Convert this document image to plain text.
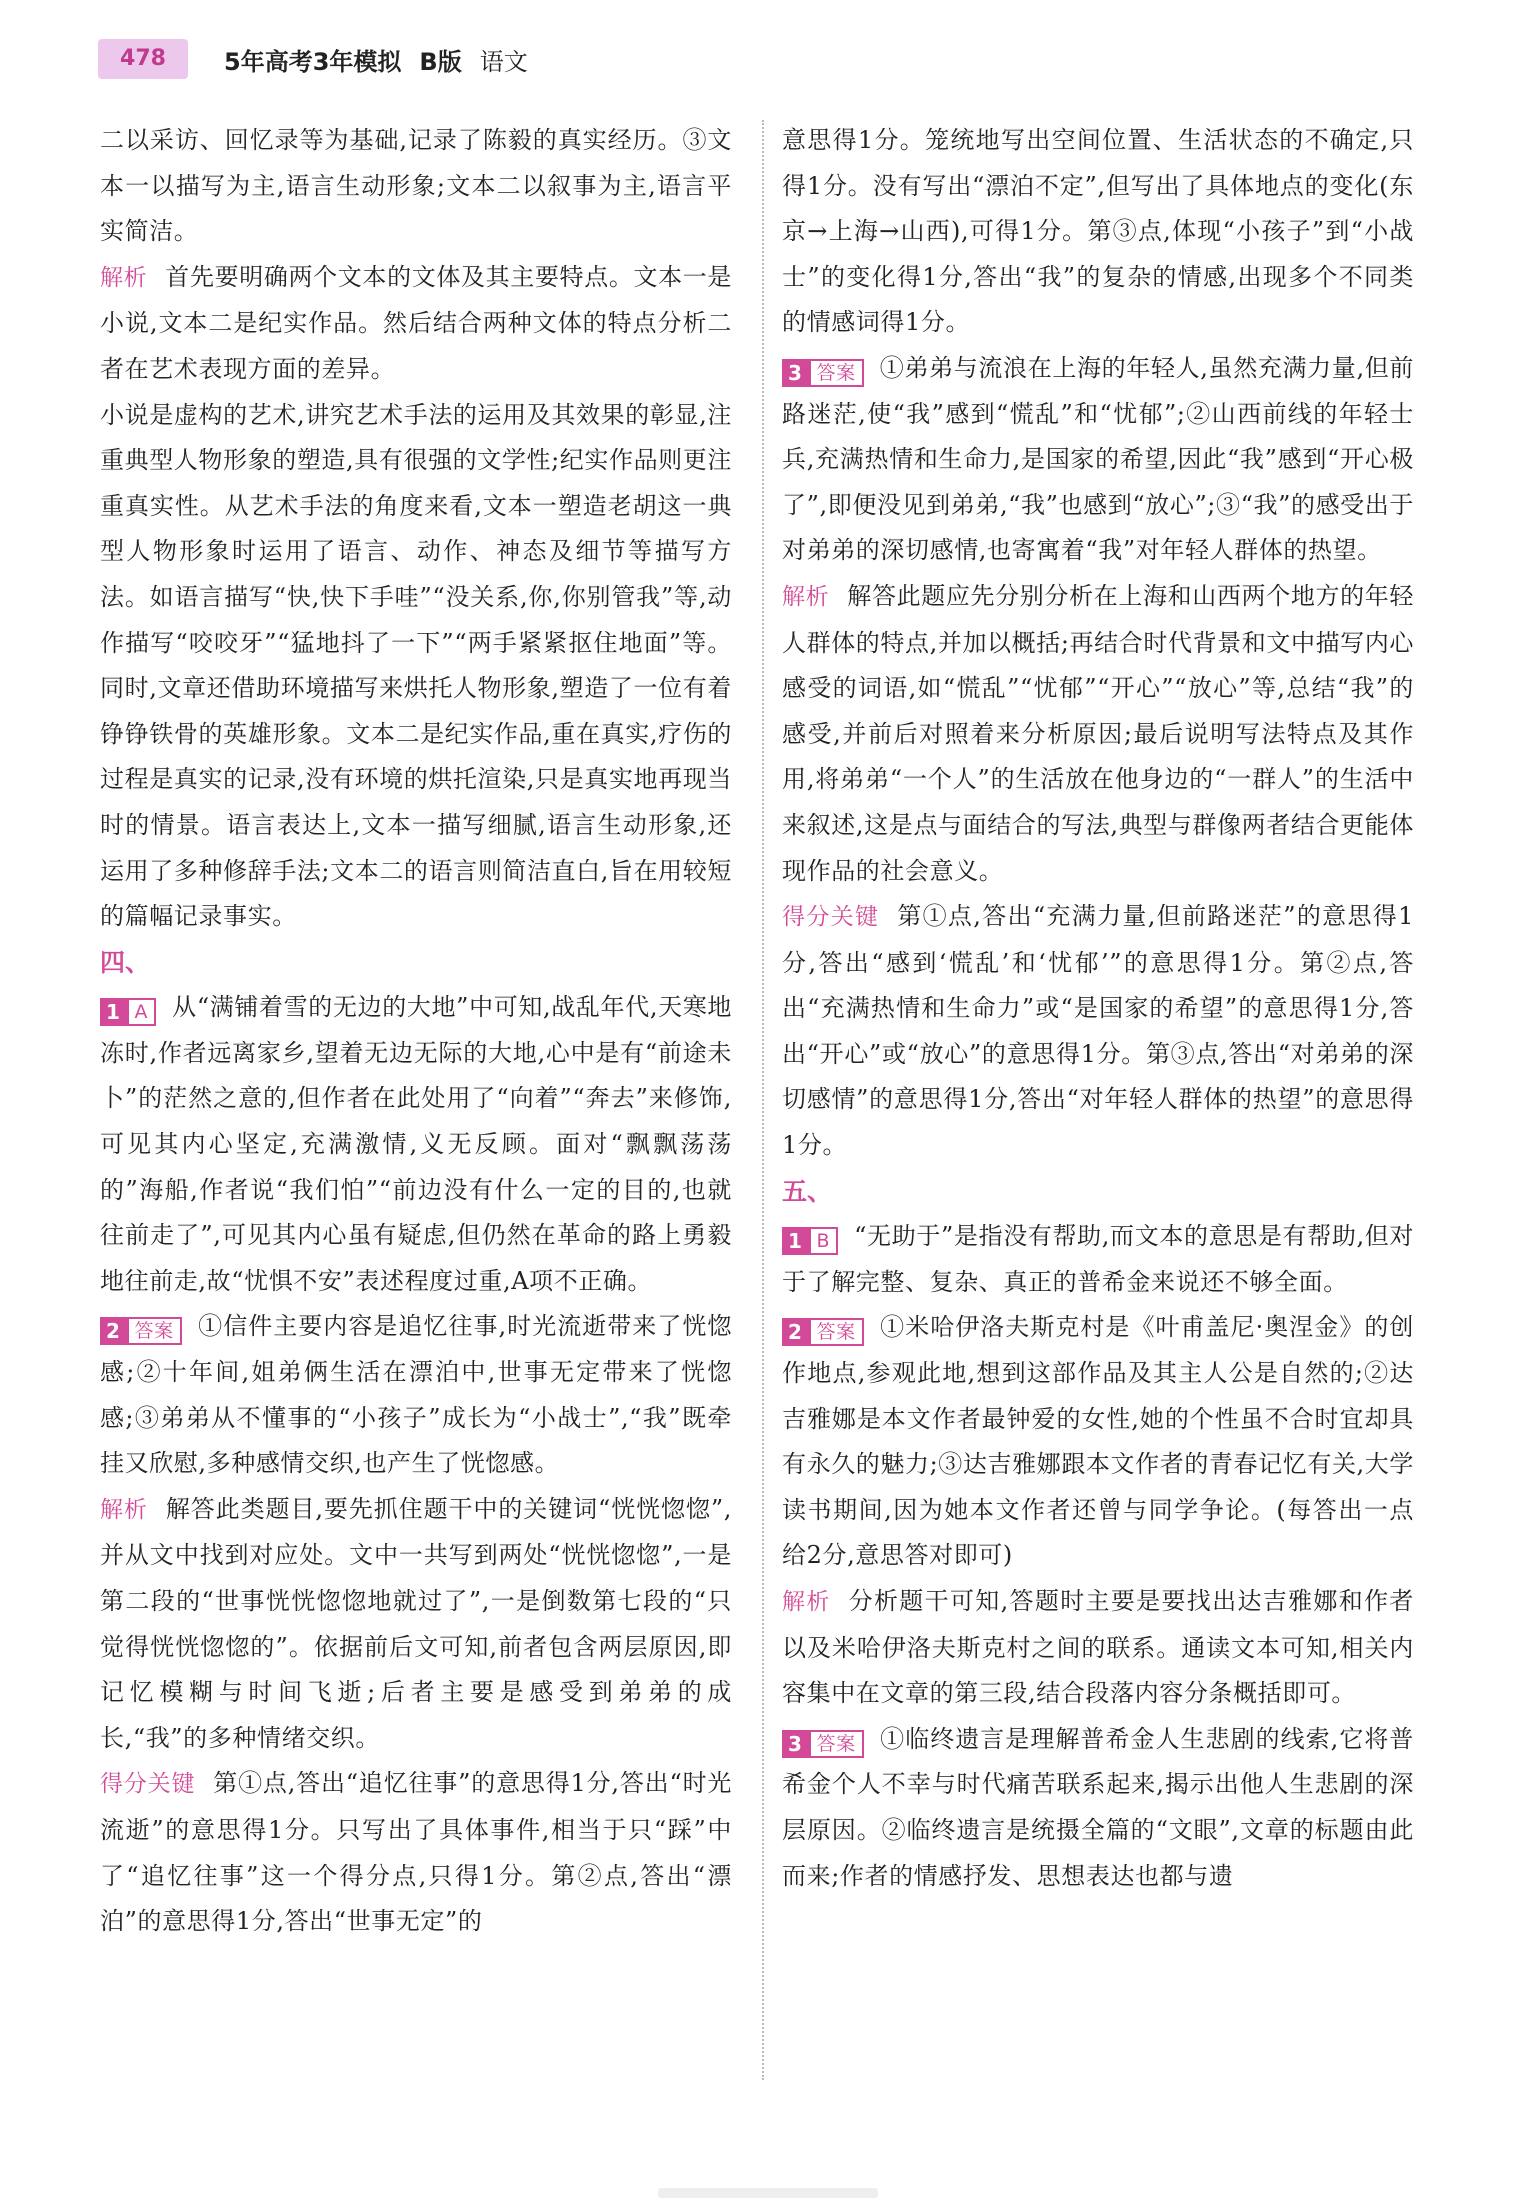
478	5年高考3年模拟 B版 语文

二以采访、回忆录等为基础,记录了陈毅的真实经历。③文本一以描写为主,语言生动形象;文本二以叙事为主,语言平实简洁。

解析 首先要明确两个文本的文体及其主要特点。文本一是小说,文本二是纪实作品。然后结合两种文体的特点分析二者在艺术表现方面的差异。

小说是虚构的艺术,讲究艺术手法的运用及其效果的彰显,注重典型人物形象的塑造,具有很强的文学性;纪实作品则更注重真实性。从艺术手法的角度来看,文本一塑造老胡这一典型人物形象时运用了语言、动作、神态及细节等描写方法。如语言描写“快,快下手哇”“没关系,你,你别管我”等,动作描写“咬咬牙”“猛地抖了一下”“两手紧紧抠住地面”等。同时,文章还借助环境描写来烘托人物形象,塑造了一位有着铮铮铁骨的英雄形象。文本二是纪实作品,重在真实,疗伤的过程是真实的记录,没有环境的烘托渲染,只是真实地再现当时的情景。语言表达上,文本一描写细腻,语言生动形象,还运用了多种修辞手法;文本二的语言则简洁直白,旨在用较短的篇幅记录事实。

四、

1 A	从“满铺着雪的无边的大地”中可知,战乱年代,天寒地冻时,作者远离家乡,望着无边无际的大地,心中是有“前途未卜”的茫然之意的,但作者在此处用了“向着”“奔去”来修饰,可见其内心坚定,充满激情,义无反顾。面对“飘飘荡荡的”海船,作者说“我们怕”“前边没有什么一定的目的,也就往前走了”,可见其内心虽有疑虑,但仍然在革命的路上勇毅地往前走,故“忧惧不安”表述程度过重,A项不正确。

2 答案	①信件主要内容是追忆往事,时光流逝带来了恍惚感;②十年间,姐弟俩生活在漂泊中,世事无定带来了恍惚感;③弟弟从不懂事的“小孩子”成长为“小战士”,“我”既牵挂又欣慰,多种感情交织,也产生了恍惚感。

解析 解答此类题目,要先抓住题干中的关键词“恍恍惚惚”,并从文中找到对应处。文中一共写到两处“恍恍惚惚”,一是第二段的“世事恍恍惚惚地就过了”,一是倒数第七段的“只觉得恍恍惚惚的”。依据前后文可知,前者包含两层原因,即记忆模糊与时间飞逝;后者主要是感受到弟弟的成长,“我”的多种情绪交织。

得分关键 第①点,答出“追忆往事”的意思得1分,答出“时光流逝”的意思得1分。只写出了具体事件,相当于只“踩”中了“追忆往事”这一个得分点,只得1分。第②点,答出“漂泊”的意思得1分,答出“世事无定”的

意思得1分。笼统地写出空间位置、生活状态的不确定,只得1分。没有写出“漂泊不定”,但写出了具体地点的变化(东京→上海→山西),可得1分。第③点,体现“小孩子”到“小战士”的变化得1分,答出“我”的复杂的情感,出现多个不同类的情感词得1分。

3 答案	①弟弟与流浪在上海的年轻人,虽然充满力量,但前路迷茫,使“我”感到“慌乱”和“忧郁”;②山西前线的年轻士兵,充满热情和生命力,是国家的希望,因此“我”感到“开心极了”,即便没见到弟弟,“我”也感到“放心”;③“我”的感受出于对弟弟的深切感情,也寄寓着“我”对年轻人群体的热望。

解析 解答此题应先分别分析在上海和山西两个地方的年轻人群体的特点,并加以概括;再结合时代背景和文中描写内心感受的词语,如“慌乱”“忧郁”“开心”“放心”等,总结“我”的感受,并前后对照着来分析原因;最后说明写法特点及其作用,将弟弟“一个人”的生活放在他身边的“一群人”的生活中来叙述,这是点与面结合的写法,典型与群像两者结合更能体现作品的社会意义。

得分关键 第①点,答出“充满力量,但前路迷茫”的意思得1分,答出“感到‘慌乱’和‘忧郁’”的意思得1分。第②点,答出“充满热情和生命力”或“是国家的希望”的意思得1分,答出“开心”或“放心”的意思得1分。第③点,答出“对弟弟的深切感情”的意思得1分,答出“对年轻人群体的热望”的意思得1分。

五、

1 B	“无助于”是指没有帮助,而文本的意思是有帮助,但对于了解完整、复杂、真正的普希金来说还不够全面。

2 答案	①米哈伊洛夫斯克村是《叶甫盖尼·奥涅金》的创作地点,参观此地,想到这部作品及其主人公是自然的;②达吉雅娜是本文作者最钟爱的女性,她的个性虽不合时宜却具有永久的魅力;③达吉雅娜跟本文作者的青春记忆有关,大学读书期间,因为她本文作者还曾与同学争论。(每答出一点给2分,意思答对即可)

解析 分析题干可知,答题时主要是要找出达吉雅娜和作者以及米哈伊洛夫斯克村之间的联系。通读文本可知,相关内容集中在文章的第三段,结合段落内容分条概括即可。

3 答案	①临终遗言是理解普希金人生悲剧的线索,它将普希金个人不幸与时代痛苦联系起来,揭示出他人生悲剧的深层原因。②临终遗言是统摄全篇的“文眼”,文章的标题由此而来;作者的情感抒发、思想表达也都与遗
